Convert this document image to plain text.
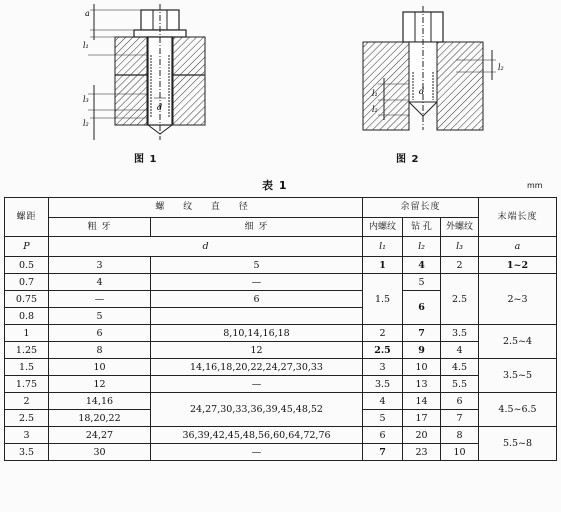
a
l₁
l₃
l₂
d
l₂
l₁	d
l₂
图 1	图 2
表 1	mm
螺距	螺 纹 直 径		余留长度			末端长度
	粗 牙	细 牙	内螺纹	钻 孔	外螺纹	
P	d		l₁	l₂	l₃	a
0.5	3	5	1	4	2	1~2
0.7	4	—	1.5	5	2.5	2~3
0.75	—	6		6		
0.8	5					
1	6	8,10,14,16,18	2	7	3.5	2.5~4
1.25	8	12	2.5	9	4	
1.5	10	14,16,18,20,22,24,27,30,33	3	10	4.5	3.5~5
1.75	12	—	3.5	13	5.5	
2	14,16	24,27,30,33,36,39,45,48,52	4	14	6	4.5~6.5
2.5	18,20,22		5	17	7	
3	24,27	36,39,42,45,48,56,60,64,72,76	6	20	8	5.5~8
3.5	30	—	7	23	10	
